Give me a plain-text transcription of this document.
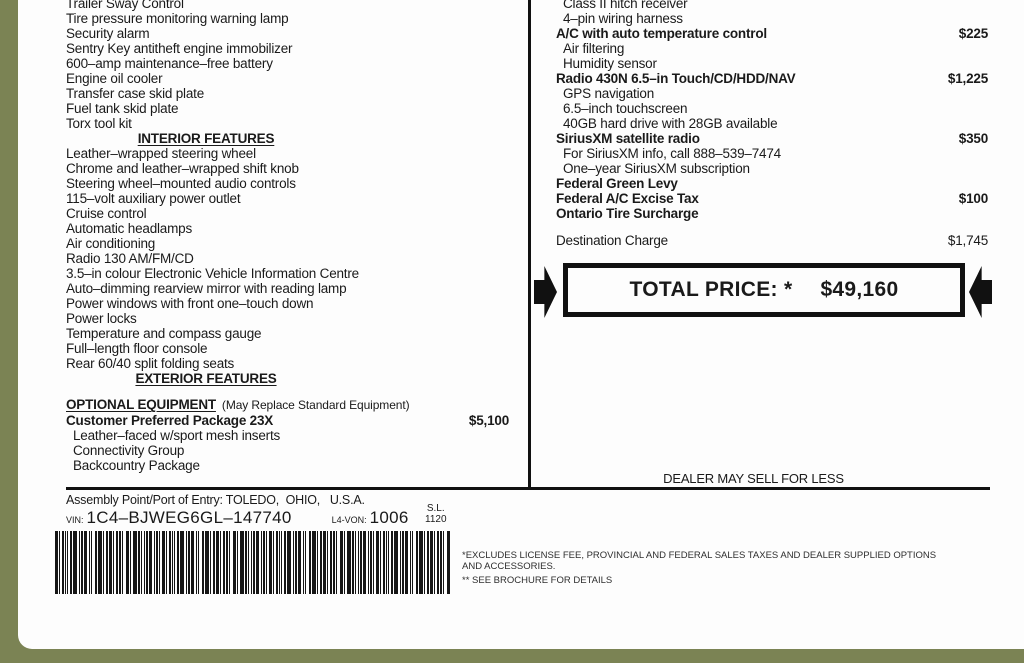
Trailer Sway Control
Tire pressure monitoring warning lamp
Security alarm
Sentry Key antitheft engine immobilizer
600–amp maintenance–free battery
Engine oil cooler
Transfer case skid plate
Fuel tank skid plate
Torx tool kit
INTERIOR FEATURES
Leather–wrapped steering wheel
Chrome and leather–wrapped shift knob
Steering wheel–mounted audio controls
115–volt auxiliary power outlet
Cruise control
Automatic headlamps
Air conditioning
Radio 130 AM/FM/CD
3.5–in colour Electronic Vehicle Information Centre
Auto–dimming rearview mirror with reading lamp
Power windows with front one–touch down
Power locks
Temperature and compass gauge
Full–length floor console
Rear 60/40 split folding seats
EXTERIOR FEATURES
OPTIONAL EQUIPMENT (May Replace Standard Equipment)
Customer Preferred Package 23X	$5,100
Leather–faced w/sport mesh inserts
Connectivity Group
Backcountry Package
Class II hitch receiver
4–pin wiring harness
A/C with auto temperature control	$225
Air filtering
Humidity sensor
Radio 430N 6.5–in Touch/CD/HDD/NAV	$1,225
GPS navigation
6.5–inch touchscreen
40GB hard drive with 28GB available
SiriusXM satellite radio	$350
For SiriusXM info, call 888–539–7474
One–year SiriusXM subscription
Federal Green Levy
Federal A/C Excise Tax	$100
Ontario Tire Surcharge
Destination Charge	$1,745
TOTAL PRICE: * $49,160
DEALER MAY SELL FOR LESS
Assembly Point/Port of Entry: TOLEDO,  OHIO,   U.S.A.
VIN: 1C4–BJWEG6GL–147740	L4-VON: 1006 S.L.
1120
*EXCLUDES LICENSE FEE, PROVINCIAL AND FEDERAL SALES TAXES AND DEALER SUPPLIED OPTIONS
AND ACCESSORIES.
** SEE BROCHURE FOR DETAILS
